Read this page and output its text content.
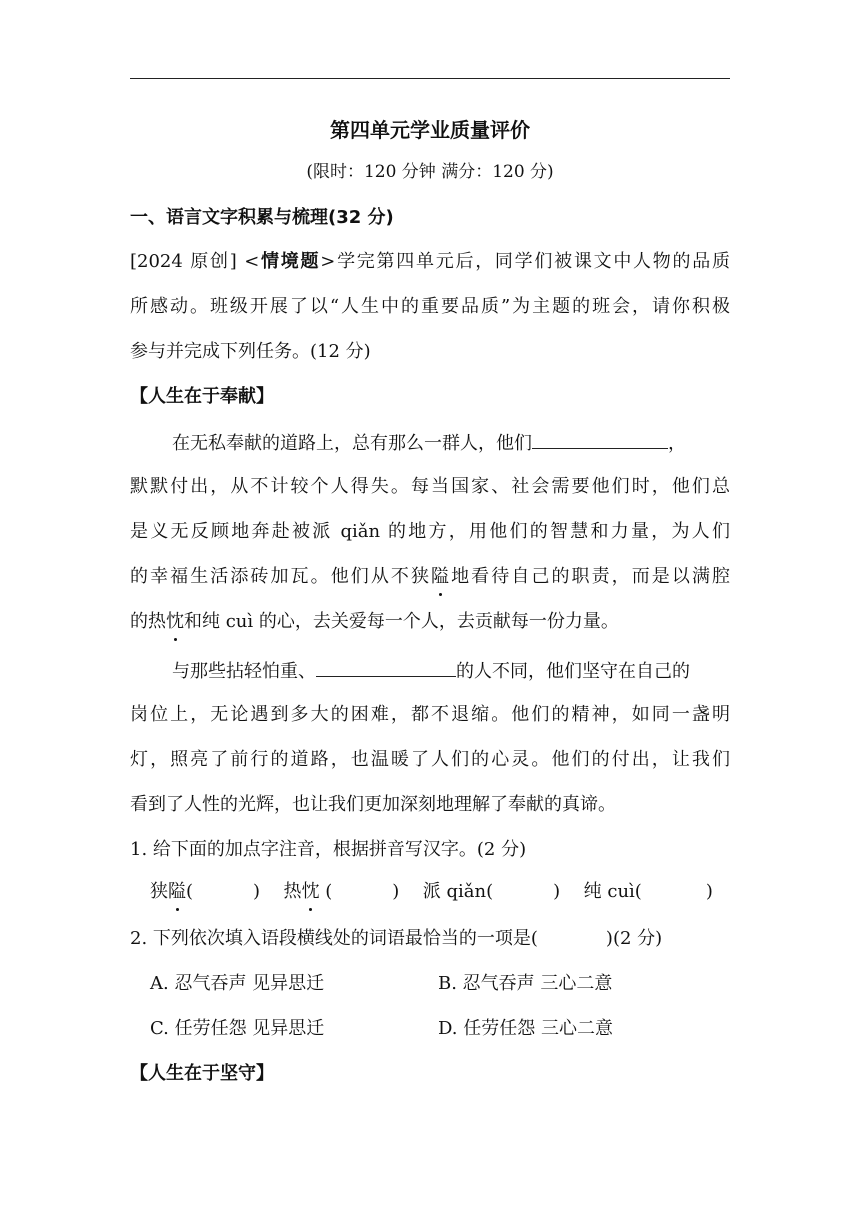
第四单元学业质量评价
(限时：120 分钟 满分：120 分)
一、语言文字积累与梳理(32 分)
[2024 原创] <情境题>学完第四单元后，同学们被课文中人物的品质
所感动。班级开展了以“人生中的重要品质”为主题的班会，请你积极
参与并完成下列任务。(12 分)
【人生在于奉献】
在无私奉献的道路上，总有那么一群人，他们	，
默默付出，从不计较个人得失。每当国家、社会需要他们时，他们总
是义无反顾地奔赴被派 qiǎn 的地方，用他们的智慧和力量，为人们
的幸福生活添砖加瓦。他们从不狭隘地看待自己的职责，而是以满腔
的热忱和纯 cuì 的心，去关爱每一个人，去贡献每一份力量。
与那些拈轻怕重、	的人不同，他们坚守在自己的
岗位上，无论遇到多大的困难，都不退缩。他们的精神，如同一盏明
灯，照亮了前行的道路，也温暖了人们的心灵。他们的付出，让我们
看到了人性的光辉，也让我们更加深刻地理解了奉献的真谛。
1. 给下面的加点字注音，根据拼音写汉字。(2 分)
狭隘(	) 热忱 (	) 派 qiǎn(	) 纯 cuì(	)
2. 下列依次填入语段横线处的词语最恰当的一项是(	)(2 分)
A. 忍气吞声 见异思迁	B. 忍气吞声 三心二意
C. 任劳任怨 见异思迁	D. 任劳任怨 三心二意
【人生在于坚守】
